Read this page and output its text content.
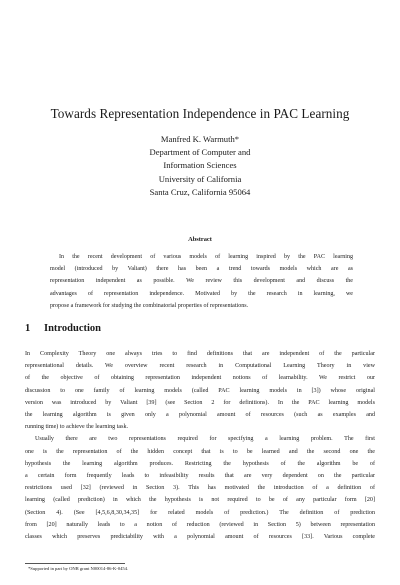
Towards Representation Independence in PAC Learning
Manfred K. Warmuth*
Department of Computer and
Information Sciences
University of California
Santa Cruz, California 95064
Abstract
In the recent development of various models of learning inspired by the PAC learning
model (introduced by Valiant) there has been a trend towards models which are as
representation independent as possible. We review this development and discuss the
advantages of representation independence. Motivated by the research in learning, we
propose a framework for studying the combinatorial properties of representations.
1 Introduction
In Complexity Theory one always tries to find definitions that are independent of the particular
representational details. We overview recent research in Computational Learning Theory in view
of the objective of obtaining representation independent notions of learnability. We restrict our
discussion to one family of learning models (called PAC learning models in [3]) whose original
version was introduced by Valiant [39] (see Section 2 for definitions). In the PAC learning models
the learning algorithm is given only a polynomial amount of resources (such as examples and
running time) to achieve the learning task.
Usually there are two representations required for specifying a learning problem. The first
one is the representation of the hidden concept that is to be learned and the second one the
hypothesis the learning algorithm produces. Restricting the hypothesis of the algorithm be of
a certain form frequently leads to infeasibility results that are very dependent on the particular
restrictions used [32] (reviewed in Section 3). This has motivated the introduction of a definition of
learning (called prediction) in which the hypothesis is not required to be of any particular form [20]
(Section 4). (See [4,5,6,8,30,34,35] for related models of prediction.) The definition of prediction
from [20] naturally leads to a notion of reduction (reviewed in Section 5) between representation
classes which preserves predictability with a polynomial amount of resources [33]. Various complete
*Supported in part by ONR grant N00014-86-K-0454.
